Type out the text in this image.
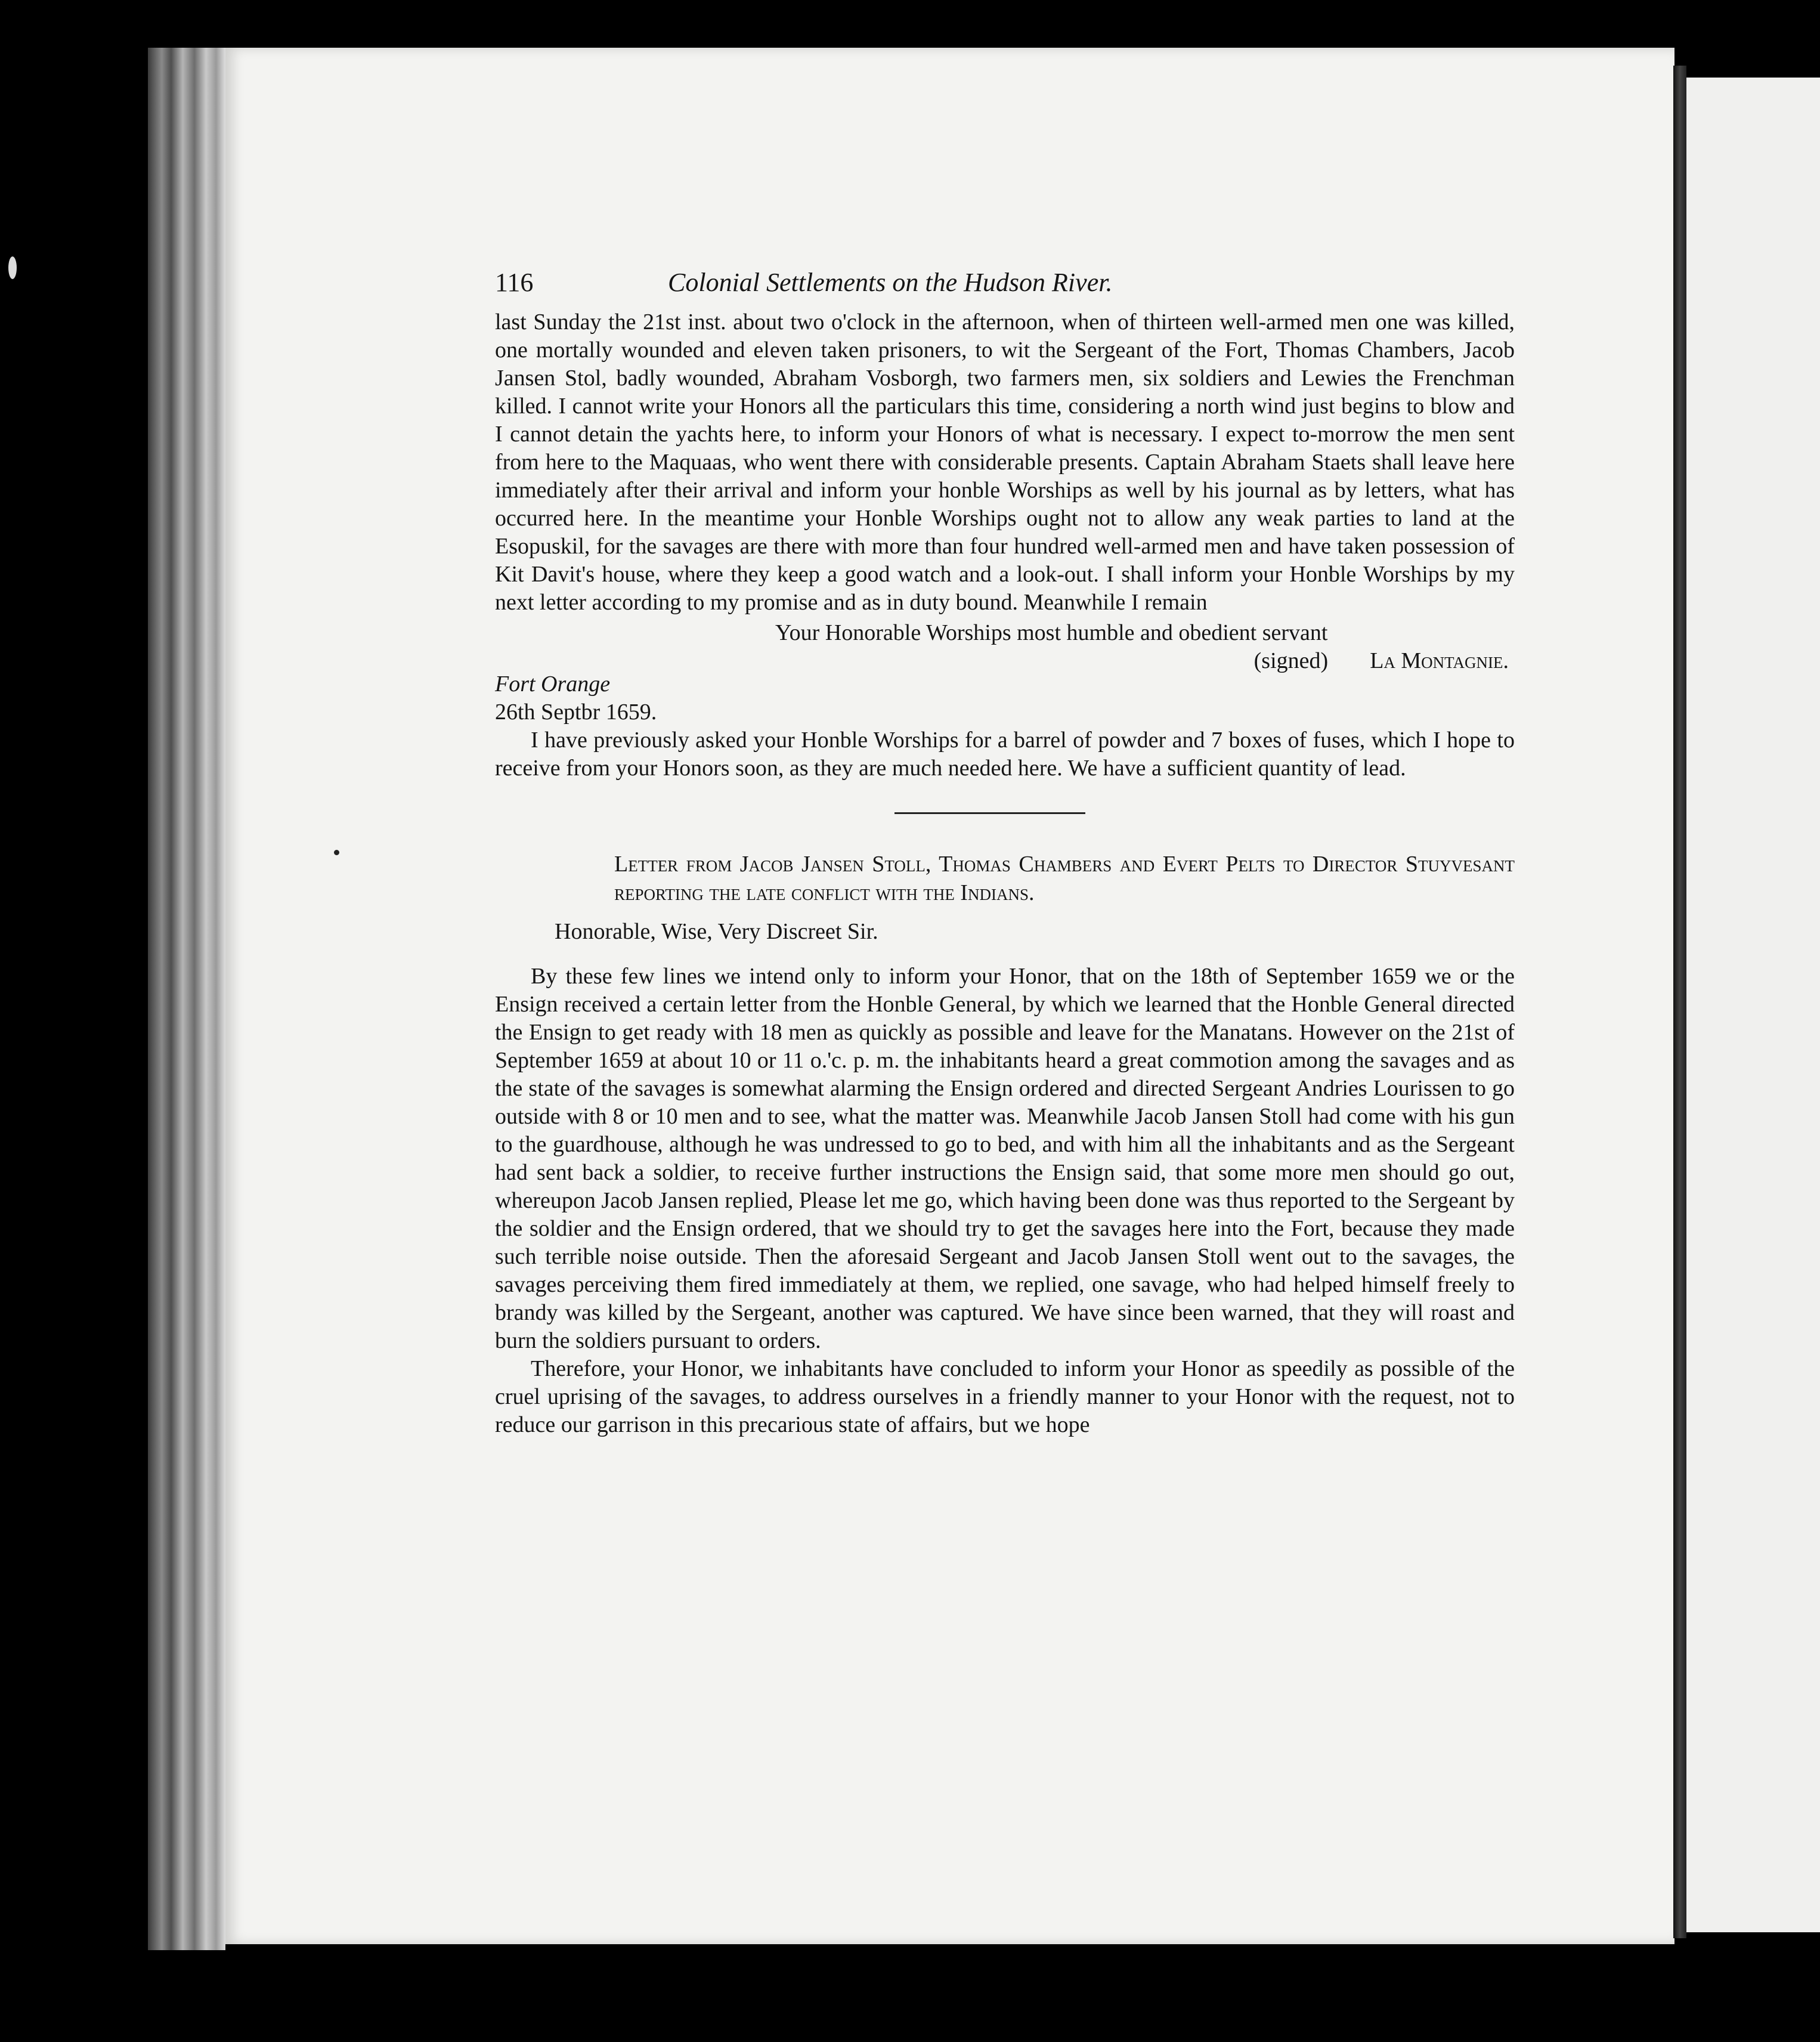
116	Colonial Settlements on the Hudson River.

last Sunday the 21st inst. about two o'clock in the afternoon, when of thirteen well-armed men one was killed, one mortally wounded and eleven taken prisoners, to wit the Sergeant of the Fort, Thomas Chambers, Jacob Jansen Stol, badly wounded, Abraham Vosborgh, two farmers men, six soldiers and Lewies the Frenchman killed. I cannot write your Honors all the particulars this time, considering a north wind just begins to blow and I cannot detain the yachts here, to inform your Honors of what is necessary. I expect to-morrow the men sent from here to the Maquaas, who went there with considerable presents. Captain Abraham Staets shall leave here immediately after their arrival and inform your honble Worships as well by his journal as by letters, what has occurred here. In the meantime your Honble Worships ought not to allow any weak parties to land at the Esopuskil, for the savages are there with more than four hundred well-armed men and have taken possession of Kit Davit's house, where they keep a good watch and a look-out. I shall inform your Honble Worships by my next letter according to my promise and as in duty bound. Meanwhile I remain

Your Honorable Worships most humble and obedient servant

(signed) La Montagnie.

Fort Orange

26th Septbr 1659.

I have previously asked your Honble Worships for a barrel of powder and 7 boxes of fuses, which I hope to receive from your Honors soon, as they are much needed here. We have a sufficient quantity of lead.

Letter from Jacob Jansen Stoll, Thomas Chambers and Evert Pelts to Director Stuyvesant reporting the late conflict with the Indians.

Honorable, Wise, Very Discreet Sir.

By these few lines we intend only to inform your Honor, that on the 18th of September 1659 we or the Ensign received a certain letter from the Honble General, by which we learned that the Honble General directed the Ensign to get ready with 18 men as quickly as possible and leave for the Manatans. However on the 21st of September 1659 at about 10 or 11 o.'c. p. m. the inhabitants heard a great commotion among the savages and as the state of the savages is somewhat alarming the Ensign ordered and directed Sergeant Andries Lourissen to go outside with 8 or 10 men and to see, what the matter was. Meanwhile Jacob Jansen Stoll had come with his gun to the guardhouse, although he was undressed to go to bed, and with him all the inhabitants and as the Sergeant had sent back a soldier, to receive further instructions the Ensign said, that some more men should go out, whereupon Jacob Jansen replied, Please let me go, which having been done was thus reported to the Sergeant by the soldier and the Ensign ordered, that we should try to get the savages here into the Fort, because they made such terrible noise outside. Then the aforesaid Sergeant and Jacob Jansen Stoll went out to the savages, the savages perceiving them fired immediately at them, we replied, one savage, who had helped himself freely to brandy was killed by the Sergeant, another was captured. We have since been warned, that they will roast and burn the soldiers pursuant to orders.

Therefore, your Honor, we inhabitants have concluded to inform your Honor as speedily as possible of the cruel uprising of the savages, to address ourselves in a friendly manner to your Honor with the request, not to reduce our garrison in this precarious state of affairs, but we hope
